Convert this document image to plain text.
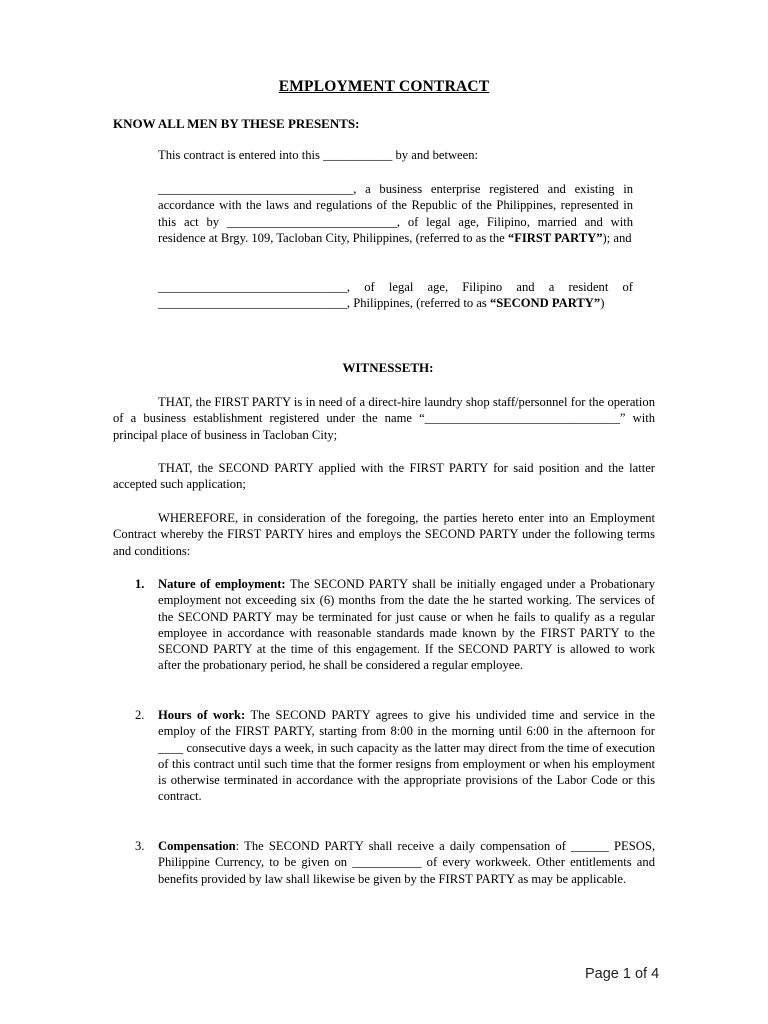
EMPLOYMENT CONTRACT
KNOW ALL MEN BY THESE PRESENTS:
This contract is entered into this ___________ by and between:
_______________________________, a business enterprise registered and existing in accordance with the laws and regulations of the Republic of the Philippines, represented in this act by ___________________________, of legal age, Filipino, married and with residence at Brgy. 109, Tacloban City, Philippines, (referred to as the “FIRST PARTY”); and
______________________________, of legal age, Filipino and a resident of ______________________________, Philippines, (referred to as “SECOND PARTY”)
WITNESSETH:
THAT, the FIRST PARTY is in need of a direct-hire laundry shop staff/personnel for the operation of a business establishment registered under the name “_______________________________” with principal place of business in Tacloban City;
THAT, the SECOND PARTY applied with the FIRST PARTY for said position and the latter accepted such application;
WHEREFORE, in consideration of the foregoing, the parties hereto enter into an Employment Contract whereby the FIRST PARTY hires and employs the SECOND PARTY under the following terms and conditions:
1. Nature of employment: The SECOND PARTY shall be initially engaged under a Probationary employment not exceeding six (6) months from the date the he started working. The services of the SECOND PARTY may be terminated for just cause or when he fails to qualify as a regular employee in accordance with reasonable standards made known by the FIRST PARTY to the SECOND PARTY at the time of this engagement. If the SECOND PARTY is allowed to work after the probationary period, he shall be considered a regular employee.
2. Hours of work: The SECOND PARTY agrees to give his undivided time and service in the employ of the FIRST PARTY, starting from 8:00 in the morning until 6:00 in the afternoon for ____ consecutive days a week, in such capacity as the latter may direct from the time of execution of this contract until such time that the former resigns from employment or when his employment is otherwise terminated in accordance with the appropriate provisions of the Labor Code or this contract.
3. Compensation: The SECOND PARTY shall receive a daily compensation of ______ PESOS, Philippine Currency, to be given on ___________ of every workweek. Other entitlements and benefits provided by law shall likewise be given by the FIRST PARTY as may be applicable.
Page 1 of 4
